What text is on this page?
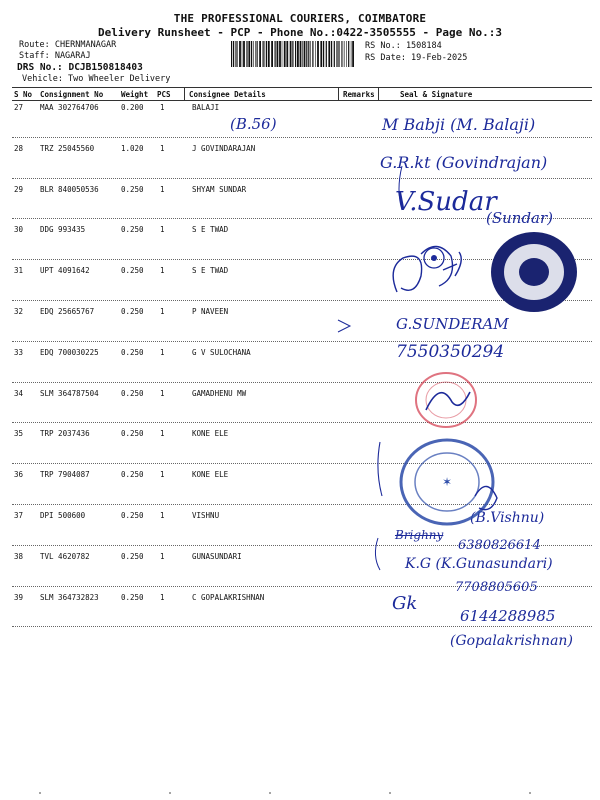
THE PROFESSIONAL COURIERS, COIMBATORE
Delivery Runsheet - PCP - Phone No.:0422-3505555 - Page No.:3
Route: CHERNMANAGAR
Staff: NAGARAJ
DRS No.: DCJB150818403
Vehicle: Two Wheeler Delivery
RS No.: 1508184
RS Date: 19-Feb-2025
S No Consignment No Weight PCS Consignee Details	Remarks	Seal & Signature
27 MAA 302764706	0.200 1	BALAJI
28 TRZ 25045560	1.020 1	J GOVINDARAJAN
29 BLR 840050536	0.250 1	SHYAM SUNDAR
30 DDG 993435	0.250 1	S E TWAD
31 UPT 4091642	0.250 1	S E TWAD
32 EDQ 25665767	0.250 1	P NAVEEN
33 EDQ 700030225	0.250 1	G V SULOCHANA
34 SLM 364787504	0.250 1	GAMADHENU MW
35 TRP 2037436	0.250 1	KONE ELE
36 TRP 7904087	0.250 1	KONE ELE
37 DPI 500600	0.250 1	VISHNU
38 TVL 4620782	0.250 1	GUNASUNDARI
39 SLM 364732823	0.250 1	C GOPALAKRISHNAN
(B.56)	M Babji (M. Balaji)
G.R.kt (Govindrajan)
V.Sudar
(Sundar)
G.SUNDERAM
7550350294
(B.Vishnu)
Brighny
6380826614
K.G (K.Gunasundari)
7708805605
Gk
6144288985
(Gopalakrishnan)
✶
